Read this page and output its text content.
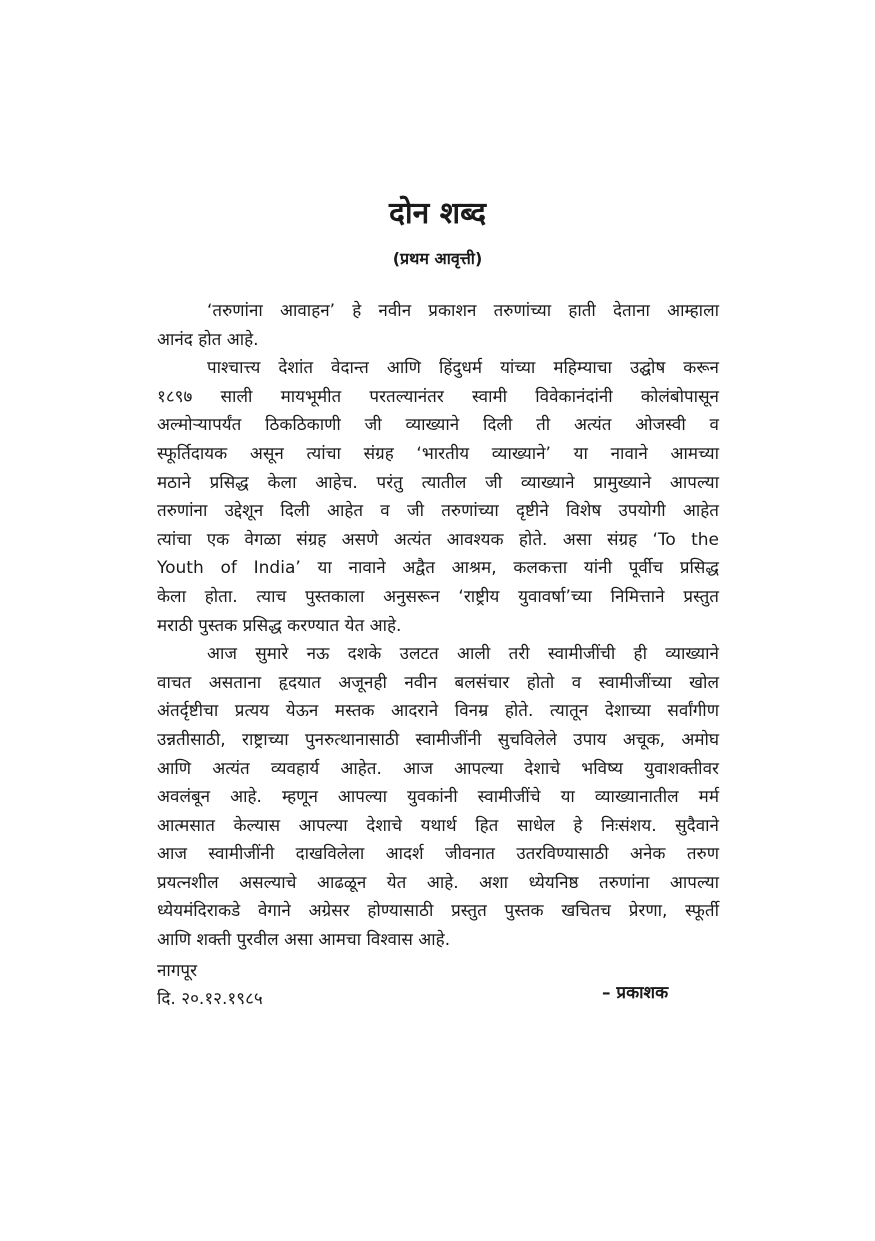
दोन शब्द
(प्रथम आवृत्ती)
‘तरुणांना आवाहन’ हे नवीन प्रकाशन तरुणांच्या हाती देताना आम्हाला
आनंद होत आहे.
पाश्चात्त्य देशांत वेदान्त आणि हिंदुधर्म यांच्या महिम्याचा उद्घोष करून
१८९७ साली मायभूमीत परतल्यानंतर स्वामी विवेकानंदांनी कोलंबोपासून
अल्मोऱ्यापर्यंत ठिकठिकाणी जी व्याख्याने दिली ती अत्यंत ओजस्वी व
स्फूर्तिदायक असून त्यांचा संग्रह ‘भारतीय व्याख्याने’ या नावाने आमच्या
मठाने प्रसिद्ध केला आहेच. परंतु त्यातील जी व्याख्याने प्रामुख्याने आपल्या
तरुणांना उद्देशून दिली आहेत व जी तरुणांच्या दृष्टीने विशेष उपयोगी आहेत
त्यांचा एक वेगळा संग्रह असणे अत्यंत आवश्यक होते. असा संग्रह ‘To the
Youth of India’ या नावाने अद्वैत आश्रम, कलकत्ता यांनी पूर्वीच प्रसिद्ध
केला होता. त्याच पुस्तकाला अनुसरून ‘राष्ट्रीय युवावर्षा’च्या निमित्ताने प्रस्तुत
मराठी पुस्तक प्रसिद्ध करण्यात येत आहे.
आज सुमारे नऊ दशके उलटत आली तरी स्वामीजींची ही व्याख्याने
वाचत असताना हृदयात अजूनही नवीन बलसंचार होतो व स्वामीजींच्या खोल
अंतर्दृष्टीचा प्रत्यय येऊन मस्तक आदराने विनम्र होते. त्यातून देशाच्या सर्वांगीण
उन्नतीसाठी, राष्ट्राच्या पुनरुत्थानासाठी स्वामीजींनी सुचविलेले उपाय अचूक, अमोघ
आणि अत्यंत व्यवहार्य आहेत. आज आपल्या देशाचे भविष्य युवाशक्तीवर
अवलंबून आहे. म्हणून आपल्या युवकांनी स्वामीजींचे या व्याख्यानातील मर्म
आत्मसात केल्यास आपल्या देशाचे यथार्थ हित साधेल हे निःसंशय. सुदैवाने
आज स्वामीजींनी दाखविलेला आदर्श जीवनात उतरविण्यासाठी अनेक तरुण
प्रयत्नशील असल्याचे आढळून येत आहे. अशा ध्येयनिष्ठ तरुणांना आपल्या
ध्येयमंदिराकडे वेगाने अग्रेसर होण्यासाठी प्रस्तुत पुस्तक खचितच प्रेरणा, स्फूर्ती
आणि शक्ती पुरवील असा आमचा विश्वास आहे.
नागपूर
दि. २०.१२.१९८५	– प्रकाशक
